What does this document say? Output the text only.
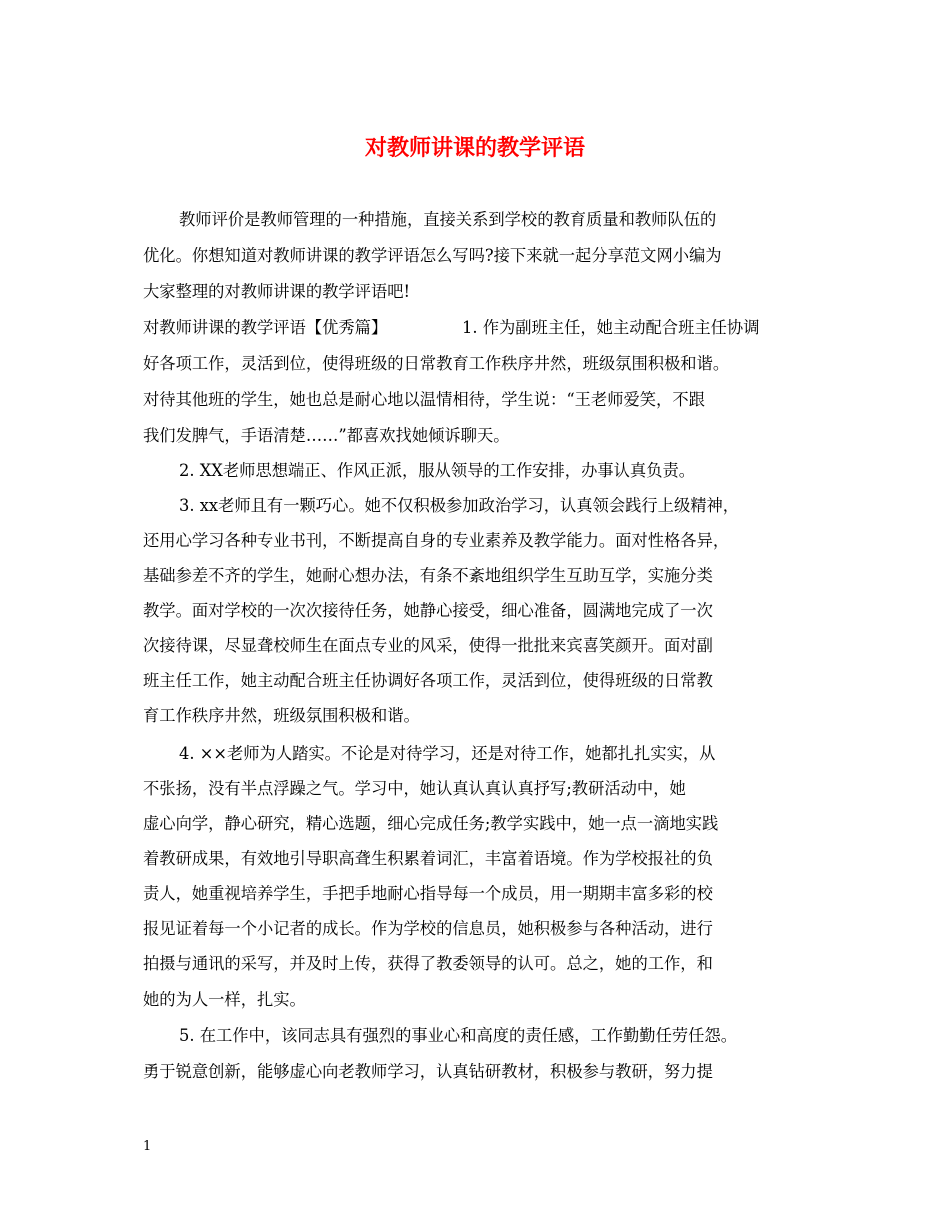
对教师讲课的教学评语
教师评价是教师管理的一种措施，直接关系到学校的教育质量和教师队伍的
优化。你想知道对教师讲课的教学评语怎么写吗?接下来就一起分享范文网小编为
大家整理的对教师讲课的教学评语吧!
对教师讲课的教学评语【优秀篇】	1. 作为副班主任，她主动配合班主任协调
好各项工作，灵活到位，使得班级的日常教育工作秩序井然，班级氛围积极和谐。
对待其他班的学生，她也总是耐心地以温情相待，学生说：“王老师爱笑，不跟
我们发脾气，手语清楚……”都喜欢找她倾诉聊天。
2. XX老师思想端正、作风正派，服从领导的工作安排，办事认真负责。
3. xx老师且有一颗巧心。她不仅积极参加政治学习，认真领会践行上级精神，
还用心学习各种专业书刊，不断提高自身的专业素养及教学能力。面对性格各异，
基础参差不齐的学生，她耐心想办法，有条不紊地组织学生互助互学，实施分类
教学。面对学校的一次次接待任务，她静心接受，细心准备，圆满地完成了一次
次接待课，尽显聋校师生在面点专业的风采，使得一批批来宾喜笑颜开。面对副
班主任工作，她主动配合班主任协调好各项工作，灵活到位，使得班级的日常教
育工作秩序井然，班级氛围积极和谐。
4. ××老师为人踏实。不论是对待学习，还是对待工作，她都扎扎实实，从
不张扬，没有半点浮躁之气。学习中，她认真认真认真抒写;教研活动中，她
虚心向学，静心研究，精心选题，细心完成任务;教学实践中，她一点一滴地实践
着教研成果，有效地引导职高聋生积累着词汇，丰富着语境。作为学校报社的负
责人，她重视培养学生，手把手地耐心指导每一个成员，用一期期丰富多彩的校
报见证着每一个小记者的成长。作为学校的信息员，她积极参与各种活动，进行
拍摄与通讯的采写，并及时上传，获得了教委领导的认可。总之，她的工作，和
她的为人一样，扎实。
5. 在工作中，该同志具有强烈的事业心和高度的责任感，工作勤勤任劳任怨。
勇于锐意创新，能够虚心向老教师学习，认真钻研教材，积极参与教研，努力提
1
